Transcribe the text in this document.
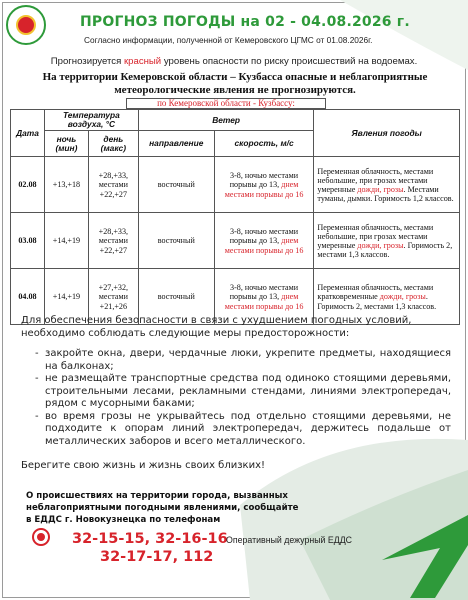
ПРОГНОЗ ПОГОДЫ на 02 - 04.08.2026 г.
Согласно информации, полученной от Кемеровского ЦГМС от 01.08.2026г.
Прогнозируется красный уровень опасности по риску происшествий на водоемах.
На территории Кемеровской области – Кузбасса опасные и неблагоприятные метеорологические явления не прогнозируются.
по Кемеровской области - Кузбассу:
Дата	Температура воздуха, °С		Ветер		Явления погоды
	ночь (мин)	день (макс)	направление	скорость, м/с	
02.08	+13,+18	+28,+33, местами +22,+27	восточный	3-8, ночью местами порывы до 13, днем местами порывы до 16	Переменная облачность, местами небольшие, при грозах местами умеренные дожди, грозы. Местами туманы, дымки. Горимость 1,2 классов.
03.08	+14,+19	+28,+33, местами +22,+27	восточный	3-8, ночью местами порывы до 13, днем местами порывы до 16	Переменная облачность, местами небольшие, при грозах местами умеренные дожди, грозы. Горимость 2, местами 1,3 классов.
04.08	+14,+19	+27,+32, местами +21,+26	восточный	3-8, ночью местами порывы до 13, днем местами порывы до 16	Переменная облачность, местами кратковременные дожди, грозы. Горимость 2, местами 1,3 классов.

Для обеспечения безопасности в связи с ухудшением погодных условий, необходимо соблюдать следующие меры предосторожности:

- закройте окна, двери, чердачные люки, укрепите предметы, находящиеся на балконах;
- не размещайте транспортные средства под одиноко стоящими деревьями, строительными лесами, рекламными стендами, линиями электропередач, рядом с мусорными баками;
- во время грозы не укрывайтесь под отдельно стоящими деревьями, не подходите к опорам линий электропередач, держитесь подальше от металлических заборов и всего металлического.

Берегите свою жизнь и жизнь своих близких!

О происшествиях на территории города, вызванных неблагоприятными погодными явлениями, сообщайте в ЕДДС г. Новокузнецка по телефонам
32-15-15, 32-16-16
32-17-17, 112
Оперативный дежурный ЕДДС
